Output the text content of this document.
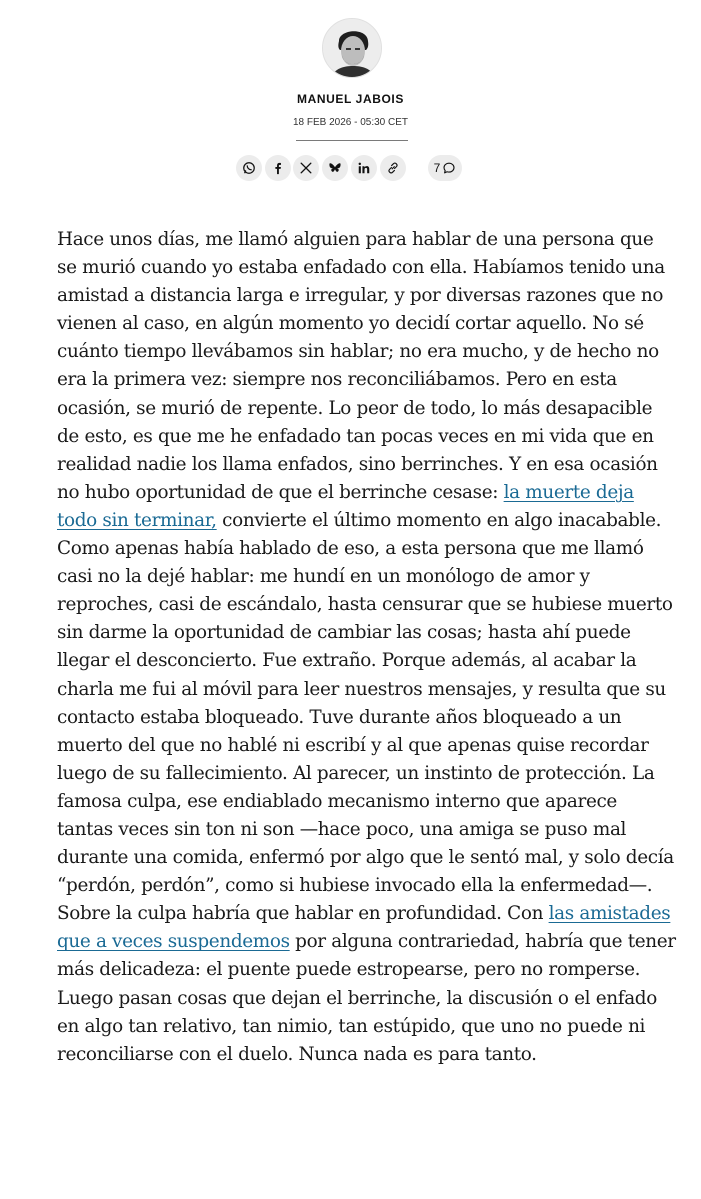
MANUEL JABOIS
18 FEB 2026 - 05:30 CET
7

Hace unos días, me llamó alguien para hablar de una persona que se murió cuando yo estaba enfadado con ella. Habíamos tenido una amistad a distancia larga e irregular, y por diversas razones que no vienen al caso, en algún momento yo decidí cortar aquello. No sé cuánto tiempo llevábamos sin hablar; no era mucho, y de hecho no era la primera vez: siempre nos reconciliábamos. Pero en esta ocasión, se murió de repente. Lo peor de todo, lo más desapacible de esto, es que me he enfadado tan pocas veces en mi vida que en realidad nadie los llama enfados, sino berrinches. Y en esa ocasión no hubo oportunidad de que el berrinche cesase: la muerte deja todo sin terminar, convierte el último momento en algo inacabable. Como apenas había hablado de eso, a esta persona que me llamó casi no la dejé hablar: me hundí en un monólogo de amor y reproches, casi de escándalo, hasta censurar que se hubiese muerto sin darme la oportunidad de cambiar las cosas; hasta ahí puede llegar el desconcierto. Fue extraño. Porque además, al acabar la charla me fui al móvil para leer nuestros mensajes, y resulta que su contacto estaba bloqueado. Tuve durante años bloqueado a un muerto del que no hablé ni escribí y al que apenas quise recordar luego de su fallecimiento. Al parecer, un instinto de protección. La famosa culpa, ese endiablado mecanismo interno que aparece tantas veces sin ton ni son —hace poco, una amiga se puso mal durante una comida, enfermó por algo que le sentó mal, y solo decía “perdón, perdón”, como si hubiese invocado ella la enfermedad—. Sobre la culpa habría que hablar en profundidad. Con las amistades que a veces suspendemos por alguna contrariedad, habría que tener más delicadeza: el puente puede estropearse, pero no romperse. Luego pasan cosas que dejan el berrinche, la discusión o el enfado en algo tan relativo, tan nimio, tan estúpido, que uno no puede ni reconciliarse con el duelo. Nunca nada es para tanto.
